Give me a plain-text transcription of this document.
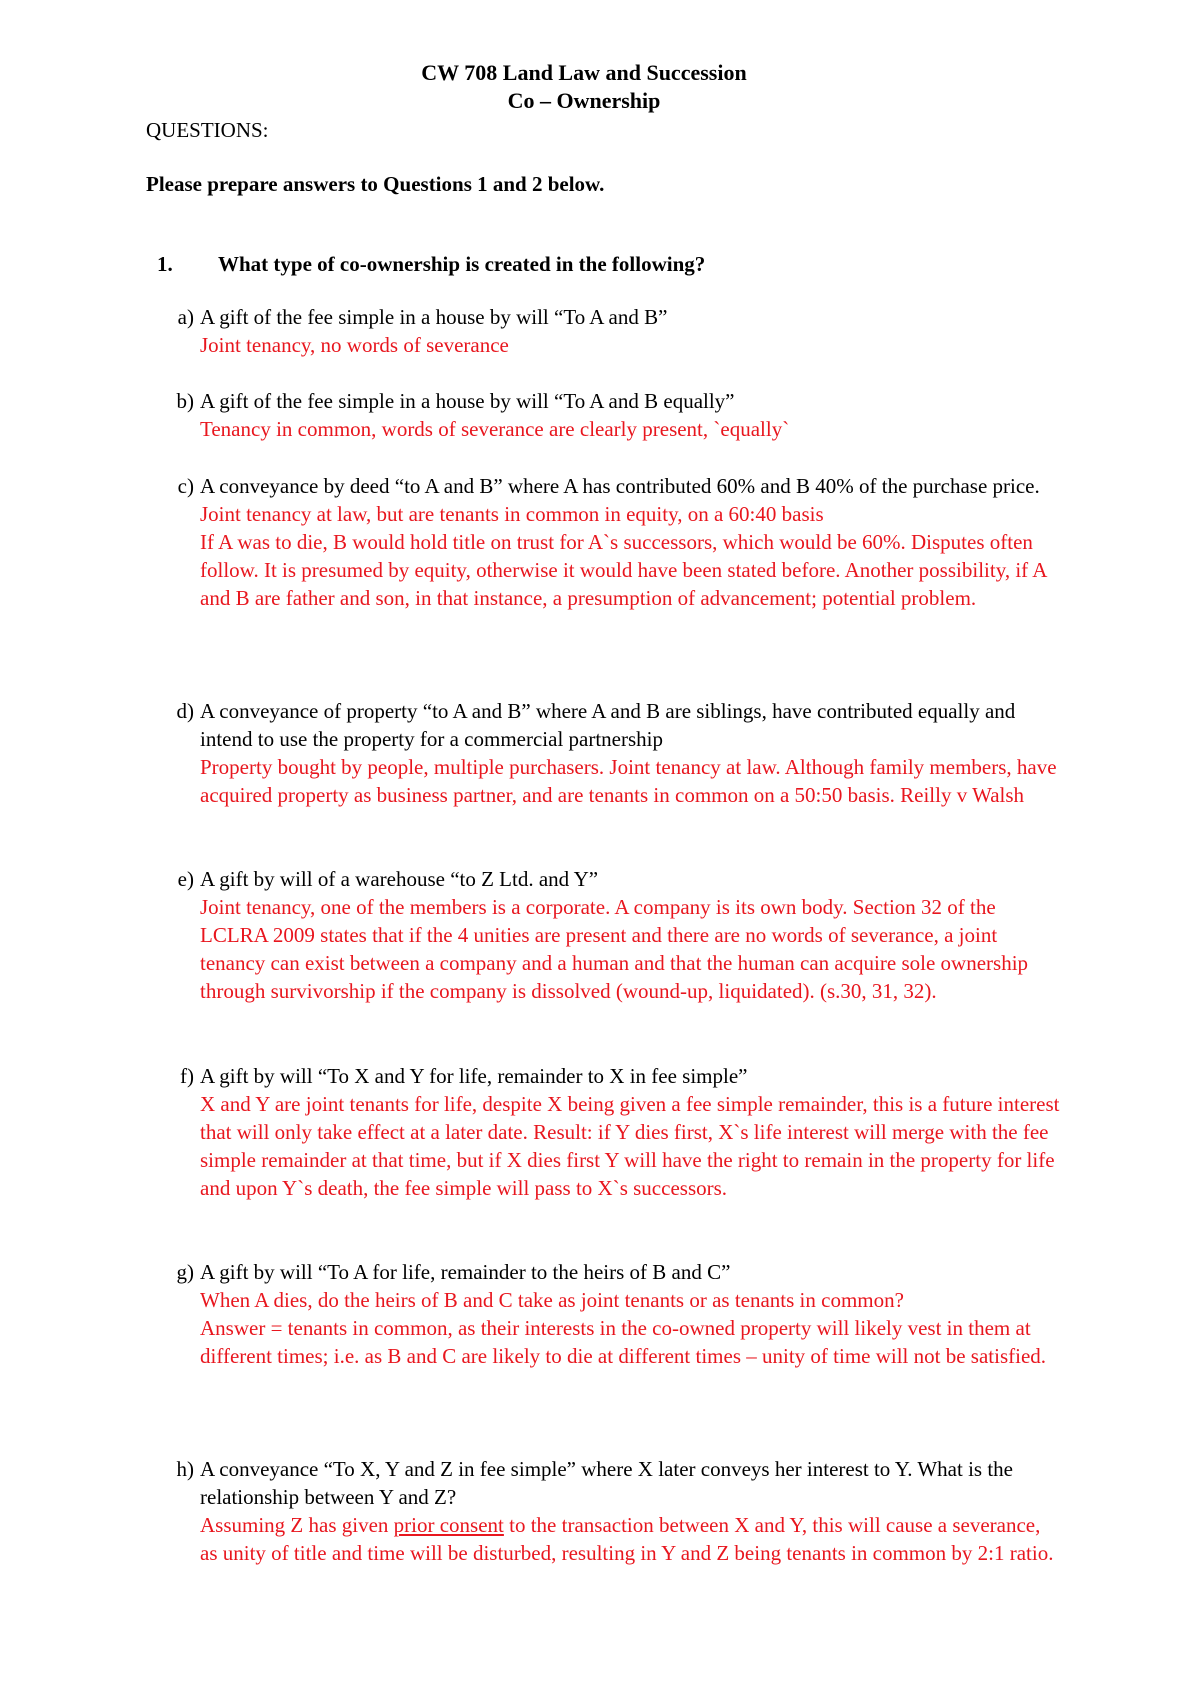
CW 708 Land Law and Succession
Co – Ownership
QUESTIONS:
Please prepare answers to Questions 1 and 2 below.
1. What type of co-ownership is created in the following?
a) A gift of the fee simple in a house by will “To A and B”

Joint tenancy, no words of severance

b) A gift of the fee simple in a house by will “To A and B equally”

Tenancy in common, words of severance are clearly present, `equally`

c) A conveyance by deed “to A and B” where A has contributed 60% and B 40% of the purchase price.

Joint tenancy at law, but are tenants in common in equity, on a 60:40 basis

If A was to die, B would hold title on trust for A`s successors, which would be 60%. Disputes often follow. It is presumed by equity, otherwise it would have been stated before. Another possibility, if A and B are father and son, in that instance, a presumption of advancement; potential problem.

d) A conveyance of property “to A and B” where A and B are siblings, have contributed equally and intend to use the property for a commercial partnership

Property bought by people, multiple purchasers. Joint tenancy at law. Although family members, have acquired property as business partner, and are tenants in common on a 50:50 basis. Reilly v Walsh

e) A gift by will of a warehouse “to Z Ltd. and Y”

Joint tenancy, one of the members is a corporate. A company is its own body. Section 32 of the LCLRA 2009 states that if the 4 unities are present and there are no words of severance, a joint tenancy can exist between a company and a human and that the human can acquire sole ownership through survivorship if the company is dissolved (wound-up, liquidated). (s.30, 31, 32).

f) A gift by will “To X and Y for life, remainder to X in fee simple”

X and Y are joint tenants for life, despite X being given a fee simple remainder, this is a future interest that will only take effect at a later date. Result: if Y dies first, X`s life interest will merge with the fee simple remainder at that time, but if X dies first Y will have the right to remain in the property for life and upon Y`s death, the fee simple will pass to X`s successors.

g) A gift by will “To A for life, remainder to the heirs of B and C”

When A dies, do the heirs of B and C take as joint tenants or as tenants in common?

Answer = tenants in common, as their interests in the co-owned property will likely vest in them at different times; i.e. as B and C are likely to die at different times – unity of time will not be satisfied.

h) A conveyance “To X, Y and Z in fee simple” where X later conveys her interest to Y. What is the relationship between Y and Z?

Assuming Z has given prior consent to the transaction between X and Y, this will cause a severance, as unity of title and time will be disturbed, resulting in Y and Z being tenants in common by 2:1 ratio.
